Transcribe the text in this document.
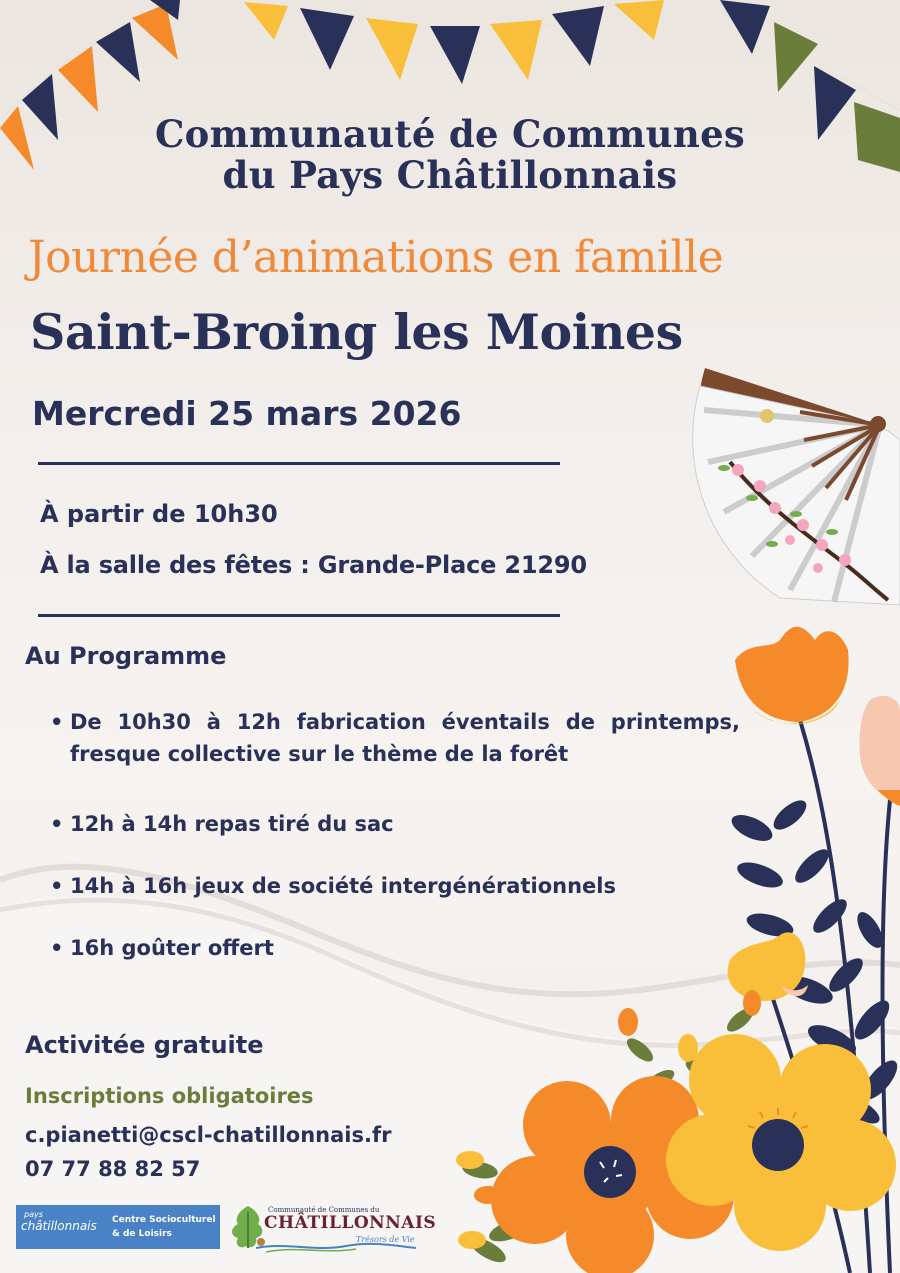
Communauté de Communes
du Pays Châtillonnais
Journée d’animations en famille
Saint-Broing les Moines
Mercredi 25 mars 2026
À partir de 10h30
À la salle des fêtes : Grande-Place 21290
Au Programme
• De 10h30 à 12h fabrication éventails de printemps, fresque collective sur le thème de la forêt
• 12h à 14h repas tiré du sac
• 14h à 16h jeux de société intergénérationnels
• 16h goûter offert
Activitée gratuite
Inscriptions obligatoires
c.pianetti@cscl-chatillonnais.fr
07 77 88 82 57
pays
châtillonnais Centre Socioculturel
& de Loisirs
Communauté de Communes du
CHÂTILLONNAIS
Trésors de Vie
